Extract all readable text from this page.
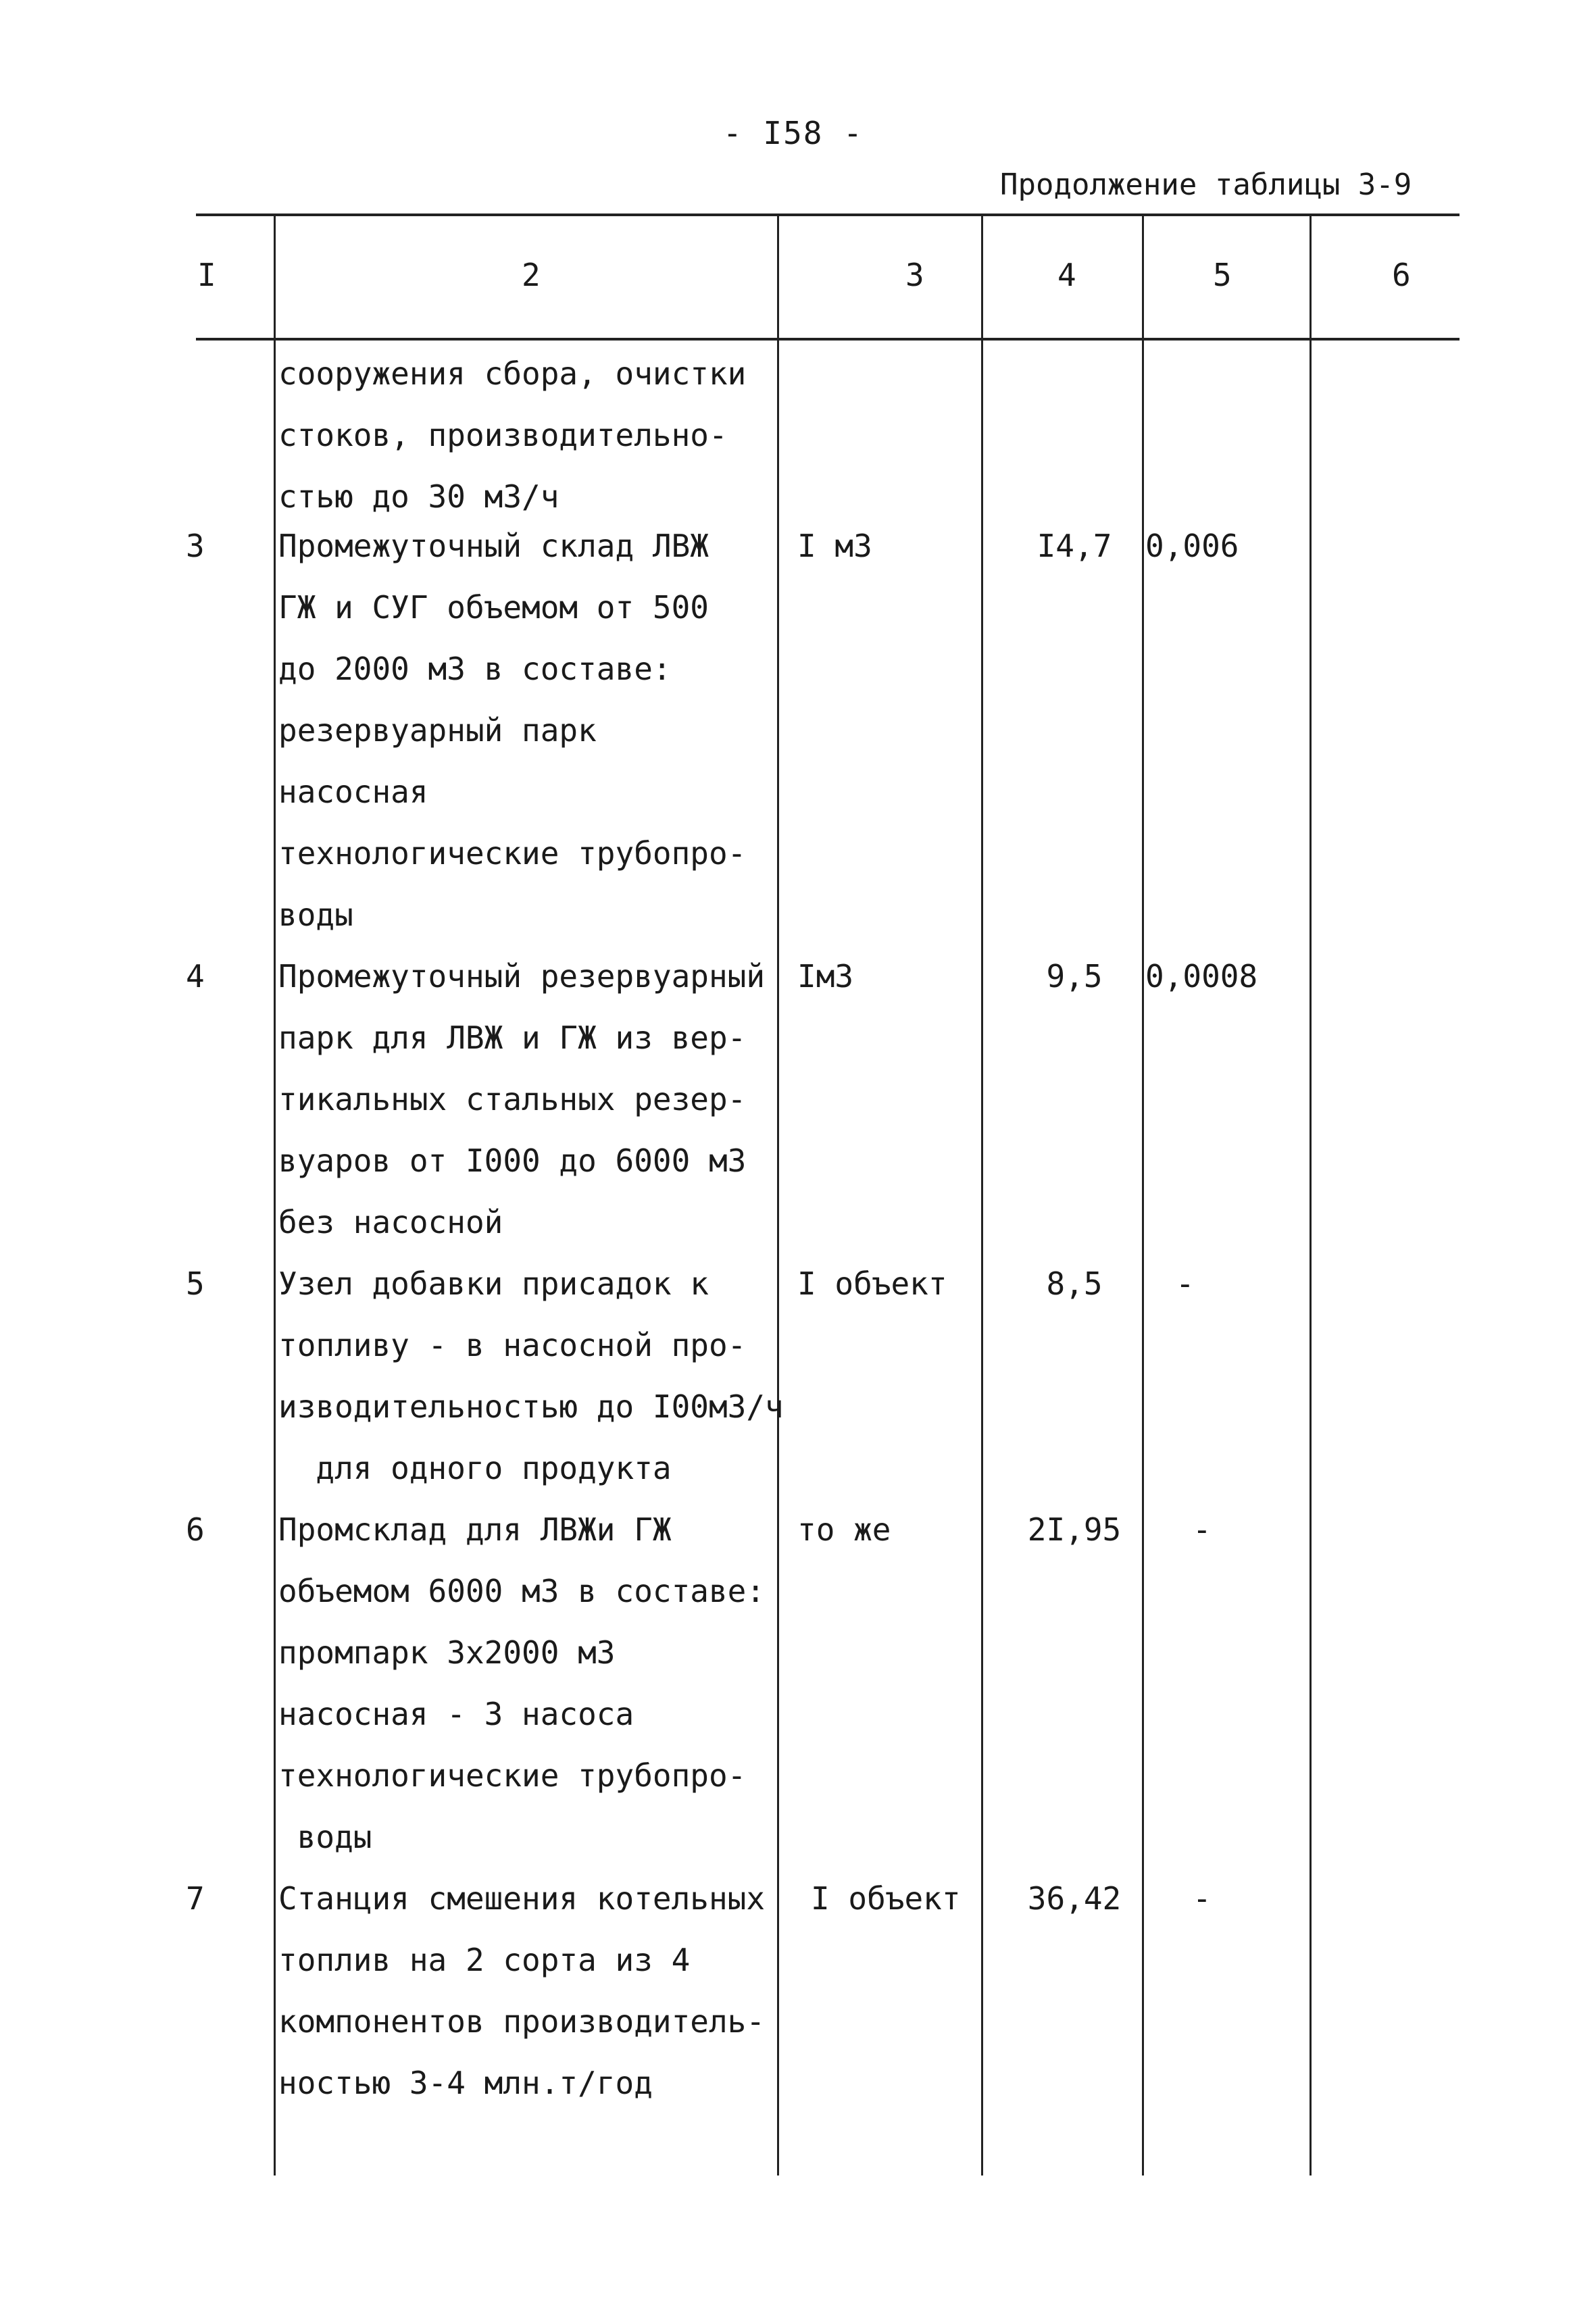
- I58 -
Продолжение таблицы 3-9
I	2	3	4	5	6
сооружения сбора, очистки
стоков, производительно-
стью до 30 м3/ч
3 Промежуточный склад ЛВЖ
ГЖ и СУГ объемом от 500
до 2000 м3 в составе:
резервуарный парк
насосная
технологические трубопро-
воды
I м3	I4,7	0,006
4 Промежуточный резервуарный
парк для ЛВЖ и ГЖ из вер-
тикальных стальных резер-
вуаров от I000 до 6000 м3
без насосной
Iм3	9,5	0,0008
5 Узел добавки присадок к
топливу - в насосной про-
изводительностью до I00м3/ч
для одного продукта
I объект	8,5	-
6 Промсклад для ЛВЖи ГЖ
объемом 6000 м3 в составе:
промпарк 3x2000 м3
насосная - 3 насоса
технологические трубопро-
воды
то же	2I,95	-
7 Станция смешения котельных
топлив на 2 сорта из 4
компонентов производитель-
ностью 3-4 млн.т/год
I объект	36,42	-
